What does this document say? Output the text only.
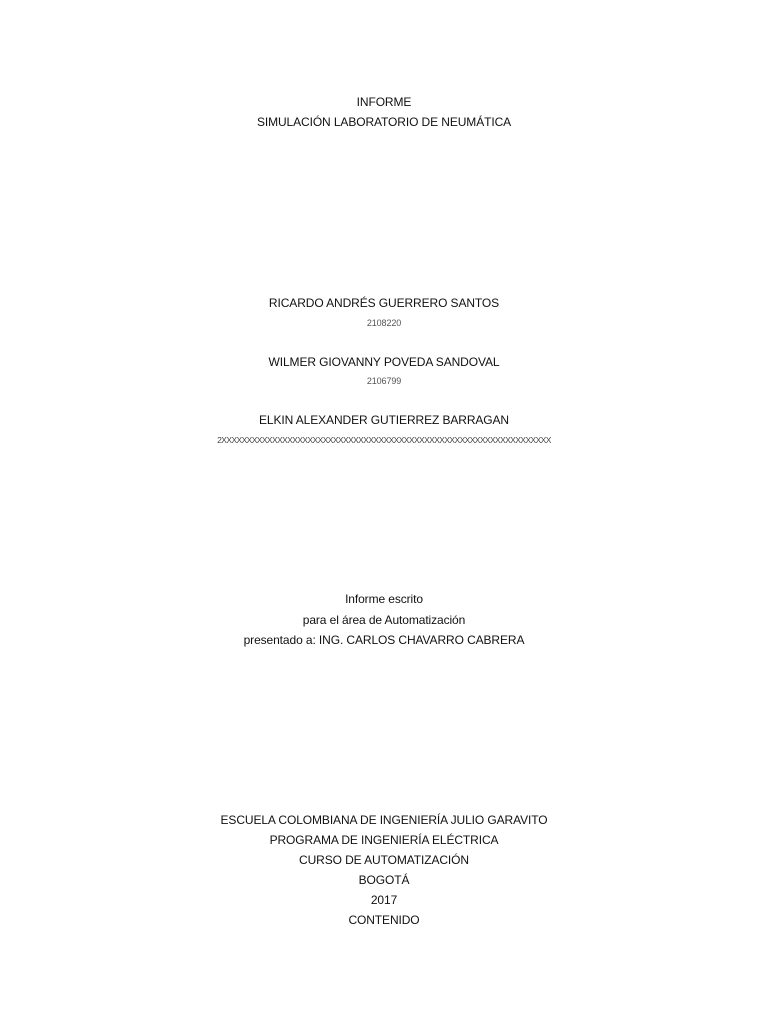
INFORME
SIMULACIÓN LABORATORIO DE NEUMÁTICA
RICARDO ANDRÉS GUERRERO SANTOS
2108220
WILMER GIOVANNY POVEDA SANDOVAL
2106799
ELKIN ALEXANDER GUTIERREZ BARRAGAN
2XXXXXXXXXXXXXXXXXXXXXXXXXXXXXXXXXXXXXXXXXXXXXXXXXXXXXXXXXXXXXXXXX
Informe escrito
para el área de Automatización
presentado a: ING. CARLOS CHAVARRO CABRERA
ESCUELA COLOMBIANA DE INGENIERÍA JULIO GARAVITO
PROGRAMA DE INGENIERÍA ELÉCTRICA
CURSO DE AUTOMATIZACIÓN
BOGOTÁ
2017
CONTENIDO
